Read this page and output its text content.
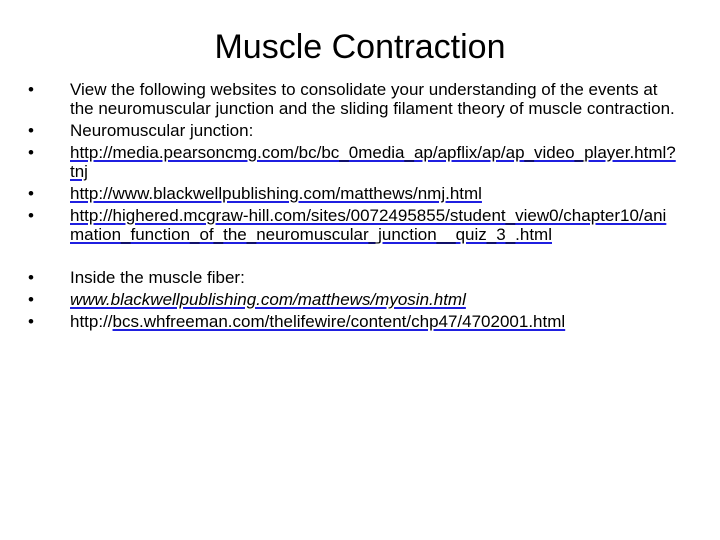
Muscle Contraction
•	View the following websites to consolidate your understanding of the events at the neuromuscular junction and the sliding filament theory of muscle contraction.
•	Neuromuscular junction:
•	http://media.pearsoncmg.com/bc/bc_0media_ap/apflix/ap/ap_video_player.html?tnj
•	http://www.blackwellpublishing.com/matthews/nmj.html
•	http://highered.mcgraw-hill.com/sites/0072495855/student_view0/chapter10/animation_function_of_the_neuromuscular_junction__quiz_3_.html
•	Inside the muscle fiber:
•	www.blackwellpublishing.com/matthews/myosin.html
•	http://bcs.whfreeman.com/thelifewire/content/chp47/4702001.html
